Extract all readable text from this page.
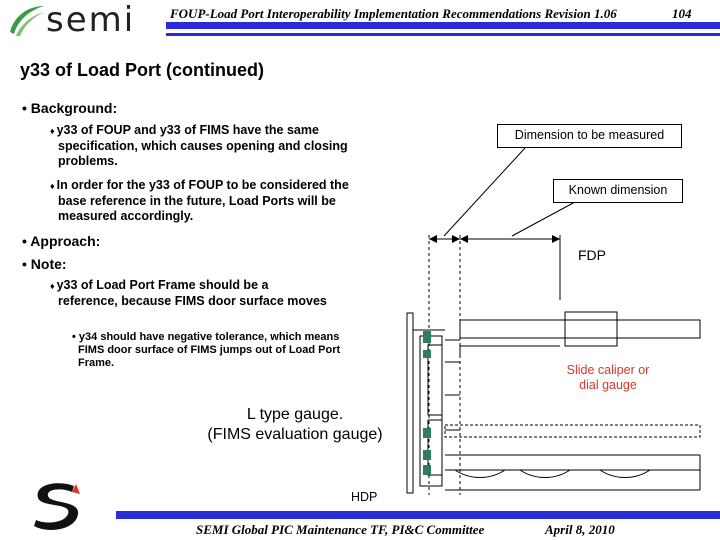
semi	FOUP-Load Port Interoperability Implementation Recommendations Revision 1.06	104
y33 of Load Port (continued)
• Background:
♦ y33 of FOUP and y33 of FIMS have the same specification, which causes opening and closing problems.
♦ In order for the y33 of FOUP to be considered the base reference in the future, Load Ports will be measured accordingly.
• Approach:
• Note:
♦ y33 of Load Port Frame should be a reference, because FIMS door surface moves
• y34 should have negative tolerance, which means FIMS door surface of FIMS jumps out of Load Port Frame.
Dimension to be measured
Known dimension
FDP
Slide caliper or dial gauge
L type gauge.
(FIMS evaluation gauge)
HDP
SEMI Global PIC Maintenance TF, PI&C Committee	April 8, 2010
